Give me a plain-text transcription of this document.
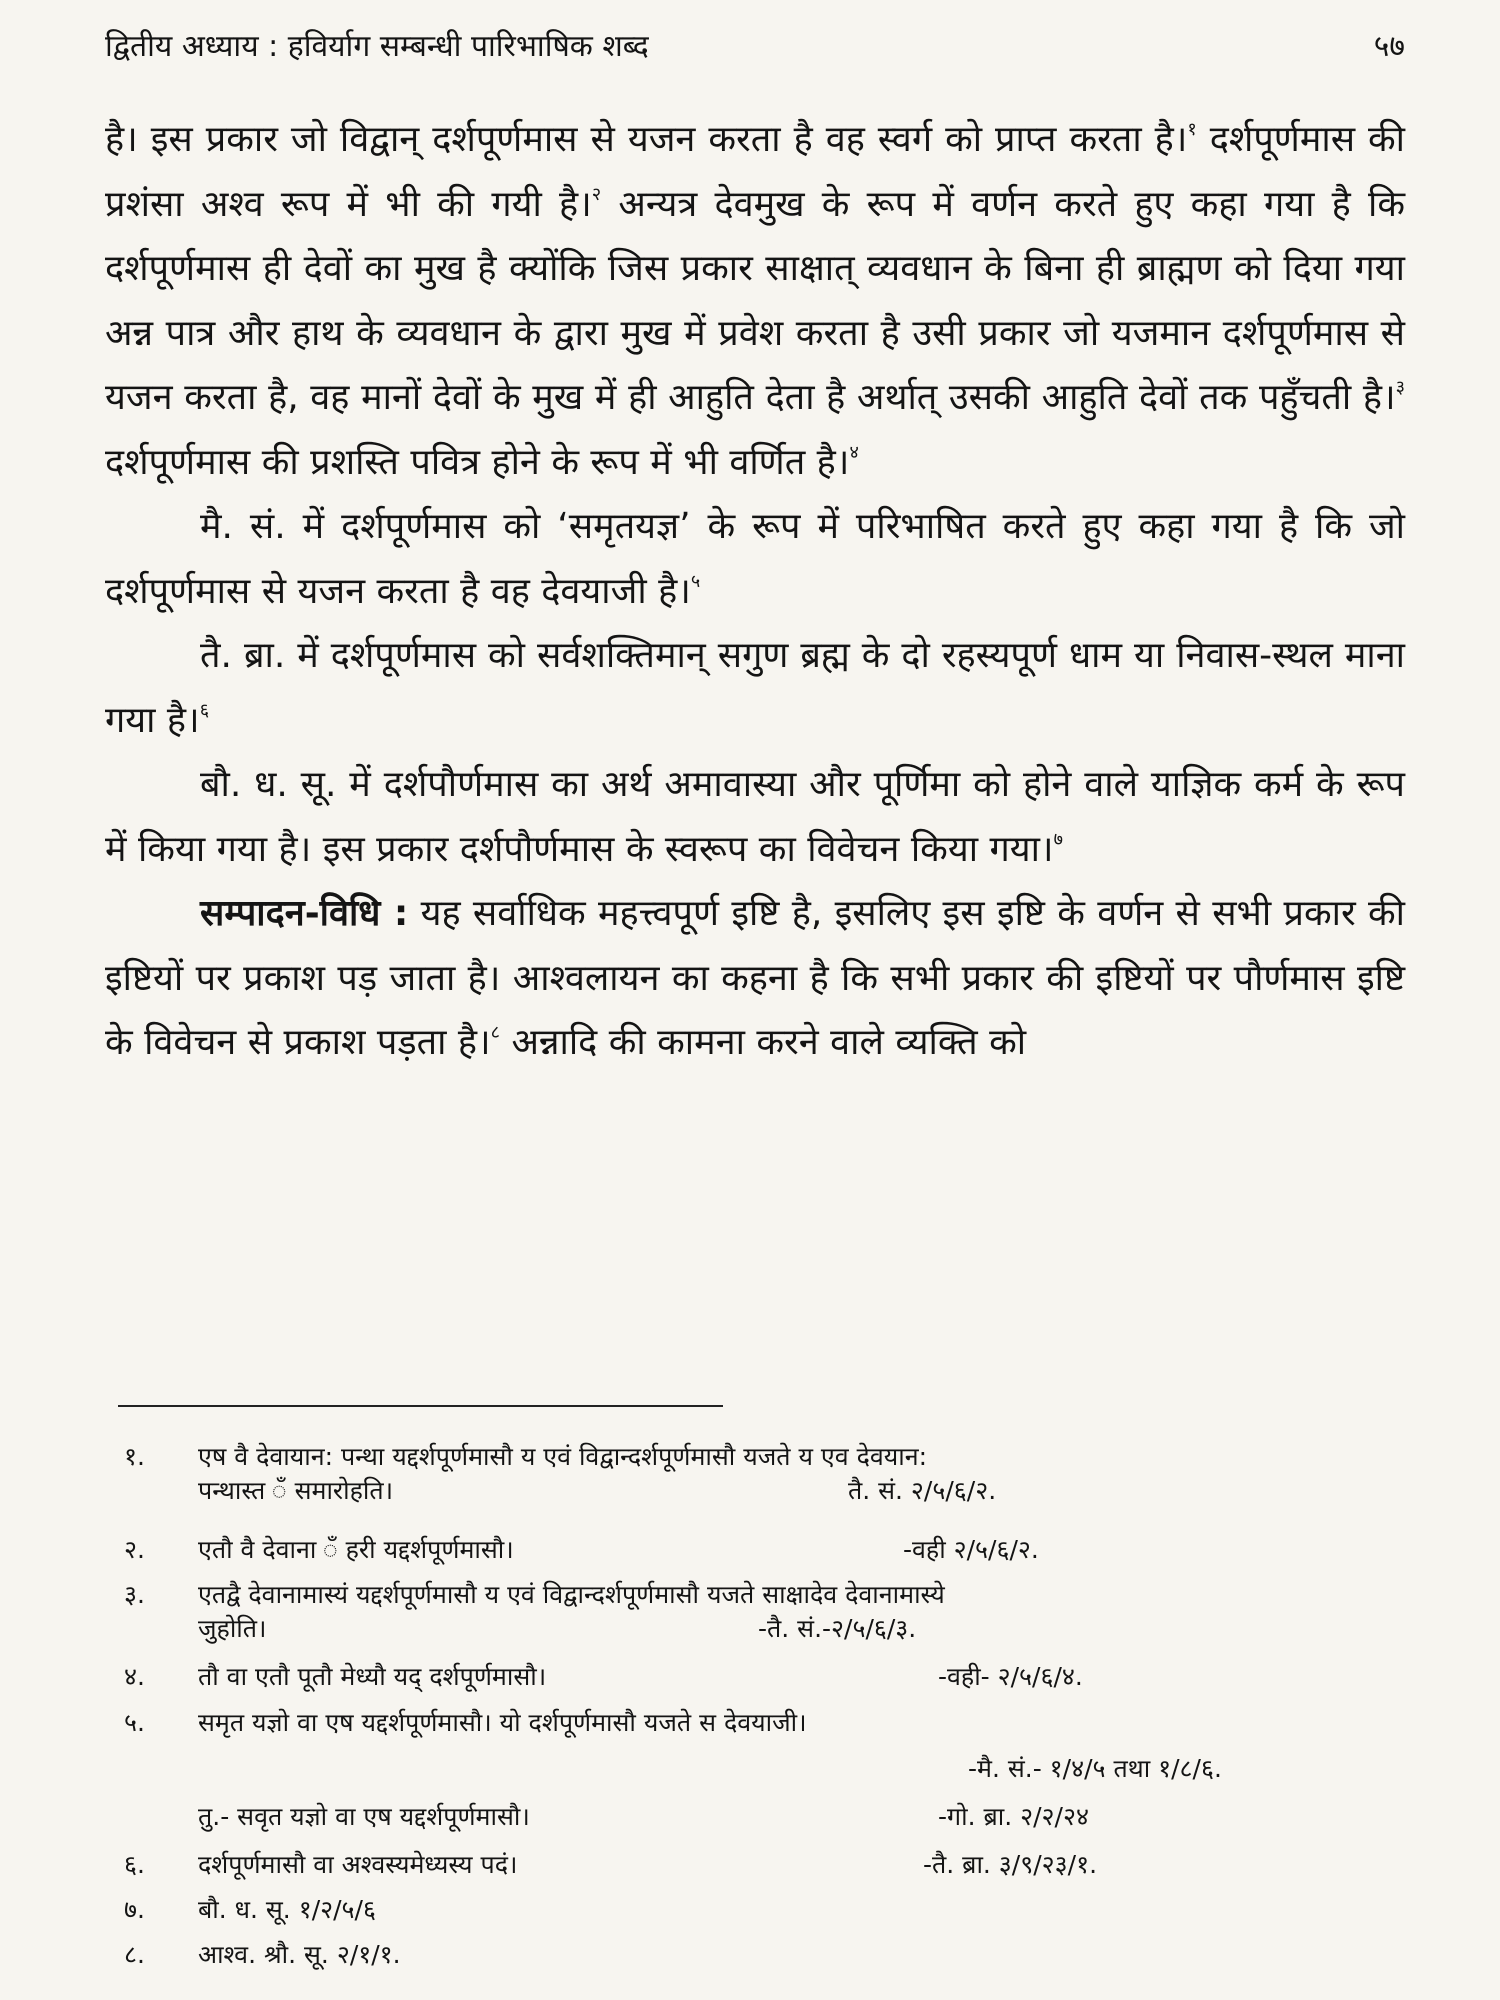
द्वितीय अध्याय : हविर्याग सम्बन्धी पारिभाषिक शब्द	५७

है। इस प्रकार जो विद्वान् दर्शपूर्णमास से यजन करता है वह स्वर्ग को प्राप्त करता है।$^१$ दर्शपूर्णमास की प्रशंसा अश्व रूप में भी की गयी है।$^२$ अन्यत्र देवमुख के रूप में वर्णन करते हुए कहा गया है कि दर्शपूर्णमास ही देवों का मुख है क्योंकि जिस प्रकार साक्षात् व्यवधान के बिना ही ब्राह्मण को दिया गया अन्न पात्र और हाथ के व्यवधान के द्वारा मुख में प्रवेश करता है उसी प्रकार जो यजमान दर्शपूर्णमास से यजन करता है, वह मानों देवों के मुख में ही आहुति देता है अर्थात् उसकी आहुति देवों तक पहुँचती है।$^३$ दर्शपूर्णमास की प्रशस्ति पवित्र होने के रूप में भी वर्णित है।$^४$

मै. सं. में दर्शपूर्णमास को ‘समृतयज्ञ’ के रूप में परिभाषित करते हुए कहा गया है कि जो दर्शपूर्णमास से यजन करता है वह देवयाजी है।$^५$

तै. ब्रा. में दर्शपूर्णमास को सर्वशक्तिमान् सगुण ब्रह्म के दो रहस्यपूर्ण धाम या निवास-स्थल माना गया है।$^६$

बौ. ध. सू. में दर्शपौर्णमास का अर्थ अमावास्या और पूर्णिमा को होने वाले याज्ञिक कर्म के रूप में किया गया है। इस प्रकार दर्शपौर्णमास के स्वरूप का विवेचन किया गया।$^७$

सम्पादन-विधि : यह सर्वाधिक महत्त्वपूर्ण इष्टि है, इसलिए इस इष्टि के वर्णन से सभी प्रकार की इष्टियों पर प्रकाश पड़ जाता है। आश्वलायन का कहना है कि सभी प्रकार की इष्टियों पर पौर्णमास इष्टि के विवेचन से प्रकाश पड़ता है।$^८$ अन्नादि की कामना करने वाले व्यक्ति को

१. एष वै देवायान: पन्था यद्दर्शपूर्णमासौ य एवं विद्वान्दर्शपूर्णमासौ यजते य एव देवयान:
पन्थास्त ँ समारोहति।	तै. सं. २/५/६/२.
२. एतौ वै देवाना ँ हरी यद्दर्शपूर्णमासौ।	-वही २/५/६/२.
३. एतद्वै देवानामास्यं यद्दर्शपूर्णमासौ य एवं विद्वान्दर्शपूर्णमासौ यजते साक्षादेव देवानामास्ये
जुहोति।	-तै. सं.-२/५/६/३.
४. तौ वा एतौ पूतौ मेध्यौ यद् दर्शपूर्णमासौ।	-वही- २/५/६/४.
५. समृत यज्ञो वा एष यद्दर्शपूर्णमासौ। यो दर्शपूर्णमासौ यजते स देवयाजी।
-मै. सं.- १/४/५ तथा १/८/६.
तु.- सवृत यज्ञो वा एष यद्दर्शपूर्णमासौ।	-गो. ब्रा. २/२/२४
६. दर्शपूर्णमासौ वा अश्वस्यमेध्यस्य पदं।	-तै. ब्रा. ३/९/२३/१.
७. बौ. ध. सू. १/२/५/६
८. आश्व. श्रौ. सू. २/१/१.
